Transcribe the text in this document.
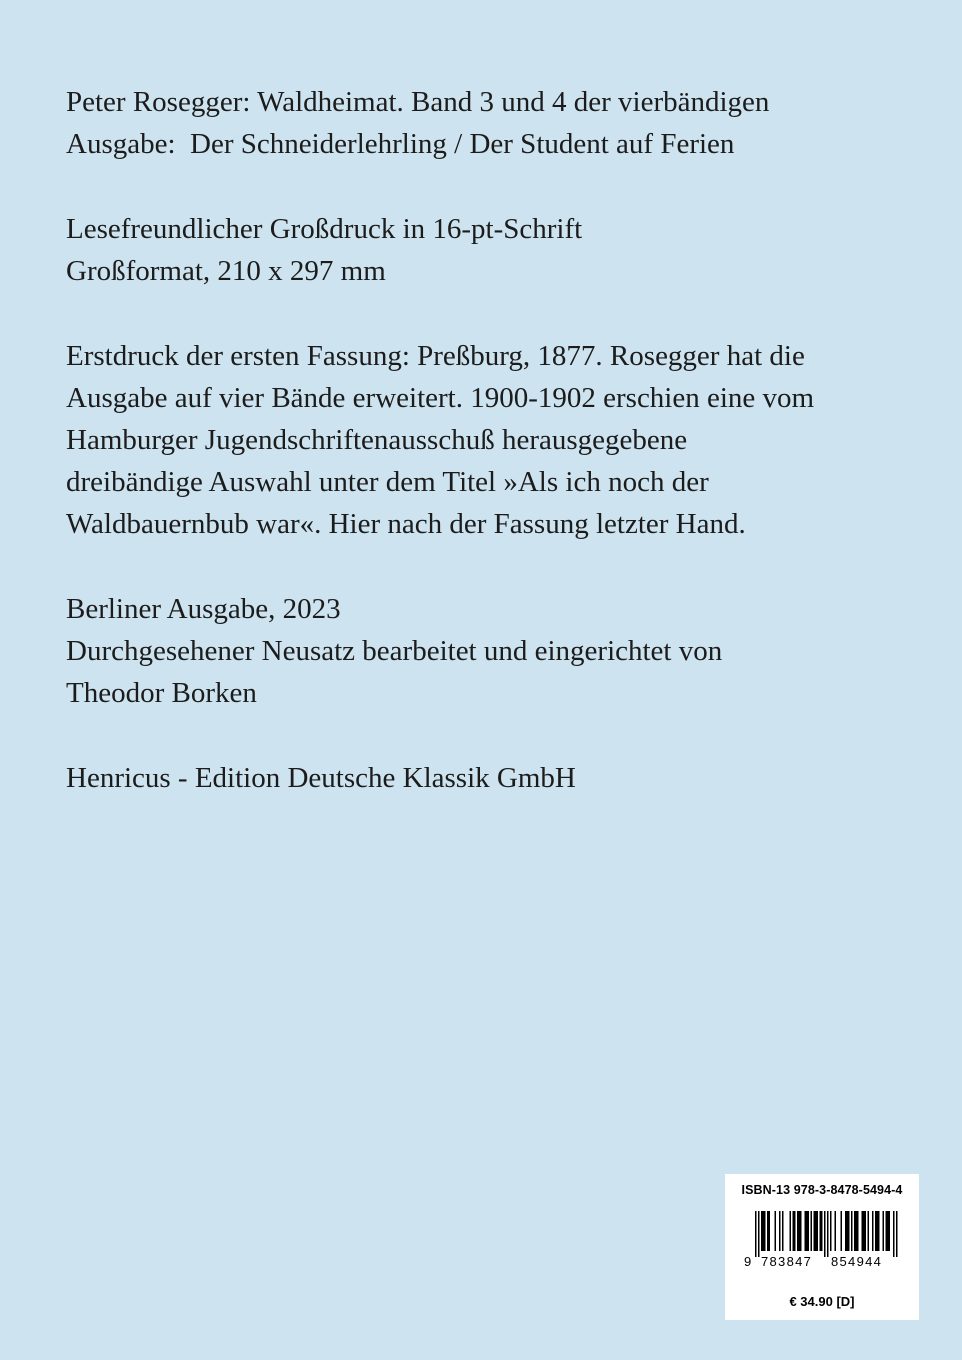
Peter Rosegger: Waldheimat. Band 3 und 4 der vierbändigen
Ausgabe:  Der Schneiderlehrling / Der Student auf Ferien
Lesefreundlicher Großdruck in 16-pt-Schrift
Großformat, 210 x 297 mm
Erstdruck der ersten Fassung: Preßburg, 1877. Rosegger hat die
Ausgabe auf vier Bände erweitert. 1900-1902 erschien eine vom
Hamburger Jugendschriftenausschuß herausgegebene
dreibändige Auswahl unter dem Titel »Als ich noch der
Waldbauernbub war«. Hier nach der Fassung letzter Hand.
Berliner Ausgabe, 2023
Durchgesehener Neusatz bearbeitet und eingerichtet von
Theodor Borken
Henricus - Edition Deutsche Klassik GmbH
ISBN-13 978-3-8478-5494-4
9 783847 854944
€ 34.90 [D]
